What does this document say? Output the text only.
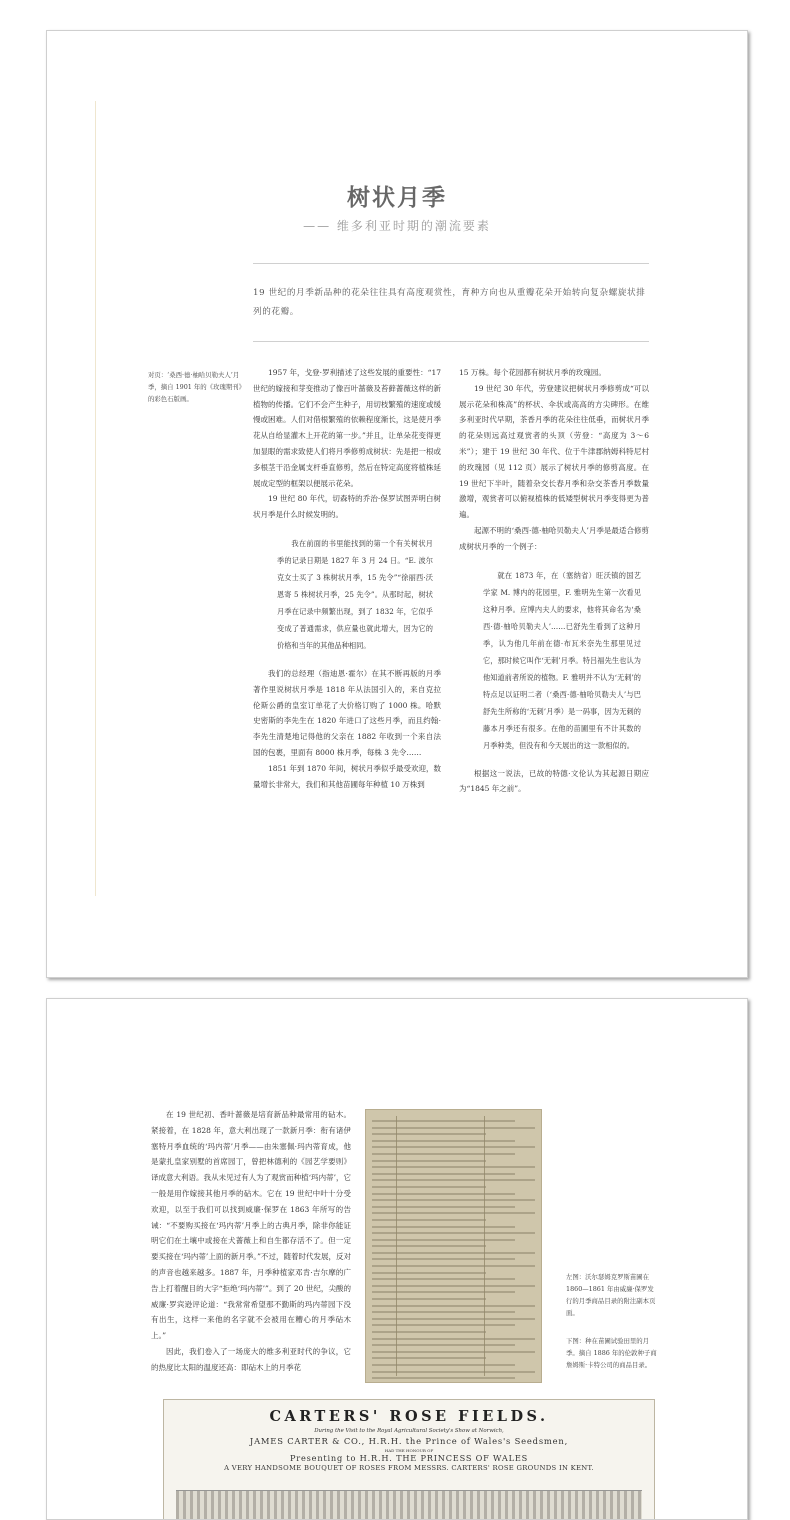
树状月季
—— 维多利亚时期的潮流要素

19 世纪的月季新品种的花朵往往具有高度观赏性，育种方向也从重瓣花朵开始转向复杂螺旋状排列的花瓣。

对页：‘桑西·德·柚哈贝勒夫人’月季，摘自 1901 年的《玫瑰期刊》的彩色石版画。

1957 年，戈登·罗利描述了这些发展的重要性：“17 世纪的嫁接和芽变推动了像百叶蔷薇及苔藓蔷薇这样的新植物的传播。它们不会产生种子，用切枝繁殖的速度或缓慢或困难。人们对借根繁殖的依赖程度渐长，这是使月季花从自给显灌木上开花的第一步。”并且，让单朵花变得更加显眼的需求致使人们将月季修剪成树状：先是把一根或多根茎干沿金属支杆垂直修剪，然后在特定高度将植株延展成定型的框架以便展示花朵。

19 世纪 80 年代，切森特的乔治·保罗试图弄明白树状月季是什么时候发明的。

我在前面的书里能找到的第一个有关树状月季的记录日期是 1827 年 3 月 24 日。“E. 波尔克女士买了 3 株树状月季，15 先令”“徐丽西·沃恩寄 5 株树状月季，25 先令”。从那时起，树状月季在记录中频繁出现，到了 1832 年，它似乎变成了普通需求，供应量也就此增大，因为它的价格和当年的其他品种相同。

我们的总经理（指迪恩·霍尔）在其不断再版的月季著作里说树状月季是 1818 年从法国引入的，来自克拉伦斯公爵的皇室订单花了大价格订购了 1000 株。哈默史密斯的李先生在 1820 年进口了这些月季，而且约翰·李先生清楚地记得他的父亲在 1882 年收到一个来自法国的包裹，里面有 8000 株月季，每株 3 先令……

1851 年到 1870 年间，树状月季似乎最受欢迎，数量增长非常大，我们和其他苗圃每年种植 10 万株到

15 万株。每个花园都有树状月季的玫瑰园。

19 世纪 30 年代，劳登建议把树状月季修剪成“可以展示花朵和株高”的杯状、伞状或高高的方尖碑形。在维多利亚时代早期，茶香月季的花朵往往低垂，而树状月季的花朵则远高过观赏者的头顶（劳登：“高度为 3～6 米”）；建于 19 世纪 30 年代、位于牛津郡纳姆科特尼村的玫瑰园（见 112 页）展示了树状月季的修剪高度。在 19 世纪下半叶，随着杂交长春月季和杂交茶香月季数量激增，观赏者可以俯视植株的低矮型树状月季变得更为普遍。

起源不明的‘桑西·德·柚哈贝勒夫人’月季是最适合修剪成树状月季的一个例子：

就在 1873 年，在（塞纳省）旺沃镇的国艺学家 M. 博内的花园里，F. 雅明先生第一次看见这种月季。应博内夫人的要求，他将其命名为‘桑西·德·柚哈贝勒夫人’……已舒先生看到了这种月季，认为他几年前在德·布瓦米奈先生那里见过它，那时候它叫作‘无刺’月季。特吕福先生也认为他知道前者所说的植物。F. 雅明并不认为‘无刺’的特点足以证明二者（‘桑西·德·柚哈贝勒夫人’与巴舒先生所称的‘无刺’月季）是一码事，因为无刺的藤本月季还有很多。在他的苗圃里有不计其数的月季种类，但没有和今天展出的这一款相似的。

根据这一说法，已故的特德·文伦认为其起源日期应为“1845 年之前”。

在 19 世纪初、香叶蔷薇是培育新品种最常用的砧木。紧接着，在 1828 年，意大利出现了一款新月季：衔有诸伊塞特月季血统的‘玛内蒂’月季——由朱塞佩·玛内蒂育成，他是蒙扎皇家别墅的首席园丁，曾把林德利的《园艺学要则》译成意大利语。我从未见过有人为了观赏而种植‘玛内蒂’，它一般是用作嫁接其他月季的砧木。它在 19 世纪中叶十分受欢迎，以至于我们可以找到威廉·保罗在 1863 年所写的告诫：“不要购买接在‘玛内蒂’月季上的古典月季，除非你能证明它们在土壤中或接在犬蔷薇上和自生都存活不了。但一定要买接在‘玛内蒂’上面的新月季。”不过，随着时代发展，反对的声音也越来越多。1887 年，月季种植家邓肯·吉尔摩的广告上打着醒目的大字“拒绝‘玛内蒂’”。到了 20 世纪，尖酸的威廉·罗宾逊评论道：“我常常希望那不勤斯的玛内蒂园下没有出生，这样一来他的名字就不会被用在糟心的月季砧木上。”

因此，我们卷入了一场庞大的维多利亚时代的争议，它的热度比太阳的温度还高：即砧木上的月季花

左图：沃尔瑟姆克罗斯苗圃在 1860—1861 年由威廉·保罗发行的月季商品目录的附注副本页面。

下图：种在苗圃试验田里的月季。摘自 1886 年的伦敦种子商詹姆斯·卡特公司的商品目录。

CARTERS' ROSE FIELDS.
During the Visit to the Royal Agricultural Society's Show at Norwich,
JAMES CARTER & CO., H.R.H. the Prince of Wales's Seedsmen,
HAD THE HONOUR OF
Presenting to H.R.H. THE PRINCESS OF WALES
A VERY HANDSOME BOUQUET OF ROSES FROM MESSRS. CARTERS' ROSE GROUNDS IN KENT.
